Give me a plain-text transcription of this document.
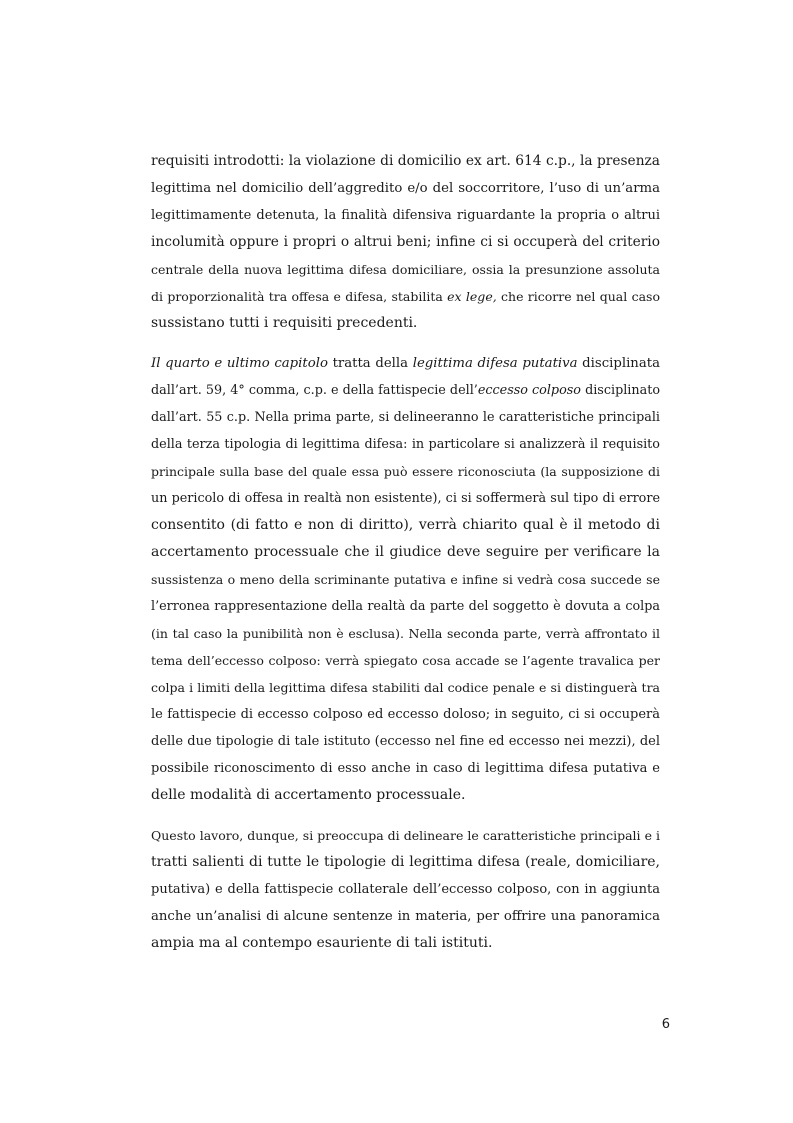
requisiti introdotti: la violazione di domicilio ex art. 614 c.p., la presenza
legittima nel domicilio dell’aggredito e/o del soccorritore, l’uso di un’arma
legittimamente detenuta, la finalità difensiva riguardante la propria o altrui
incolumità oppure i propri o altrui beni; infine ci si occuperà del criterio
centrale della nuova legittima difesa domiciliare, ossia la presunzione assoluta
di proporzionalità tra offesa e difesa, stabilita ex lege, che ricorre nel qual caso
sussistano tutti i requisiti precedenti.
Il quarto e ultimo capitolo tratta della legittima difesa putativa disciplinata
dall’art. 59, 4° comma, c.p. e della fattispecie dell’eccesso colposo disciplinato
dall’art. 55 c.p. Nella prima parte, si delineeranno le caratteristiche principali
della terza tipologia di legittima difesa: in particolare si analizzerà il requisito
principale sulla base del quale essa può essere riconosciuta (la supposizione di
un pericolo di offesa in realtà non esistente), ci si soffermerà sul tipo di errore
consentito (di fatto e non di diritto), verrà chiarito qual è il metodo di
accertamento processuale che il giudice deve seguire per verificare la
sussistenza o meno della scriminante putativa e infine si vedrà cosa succede se
l’erronea rappresentazione della realtà da parte del soggetto è dovuta a colpa
(in tal caso la punibilità non è esclusa). Nella seconda parte, verrà affrontato il
tema dell’eccesso colposo: verrà spiegato cosa accade se l’agente travalica per
colpa i limiti della legittima difesa stabiliti dal codice penale e si distinguerà tra
le fattispecie di eccesso colposo ed eccesso doloso; in seguito, ci si occuperà
delle due tipologie di tale istituto (eccesso nel fine ed eccesso nei mezzi), del
possibile riconoscimento di esso anche in caso di legittima difesa putativa e
delle modalità di accertamento processuale.
Questo lavoro, dunque, si preoccupa di delineare le caratteristiche principali e i
tratti salienti di tutte le tipologie di legittima difesa (reale, domiciliare,
putativa) e della fattispecie collaterale dell’eccesso colposo, con in aggiunta
anche un’analisi di alcune sentenze in materia, per offrire una panoramica
ampia ma al contempo esauriente di tali istituti.
6
